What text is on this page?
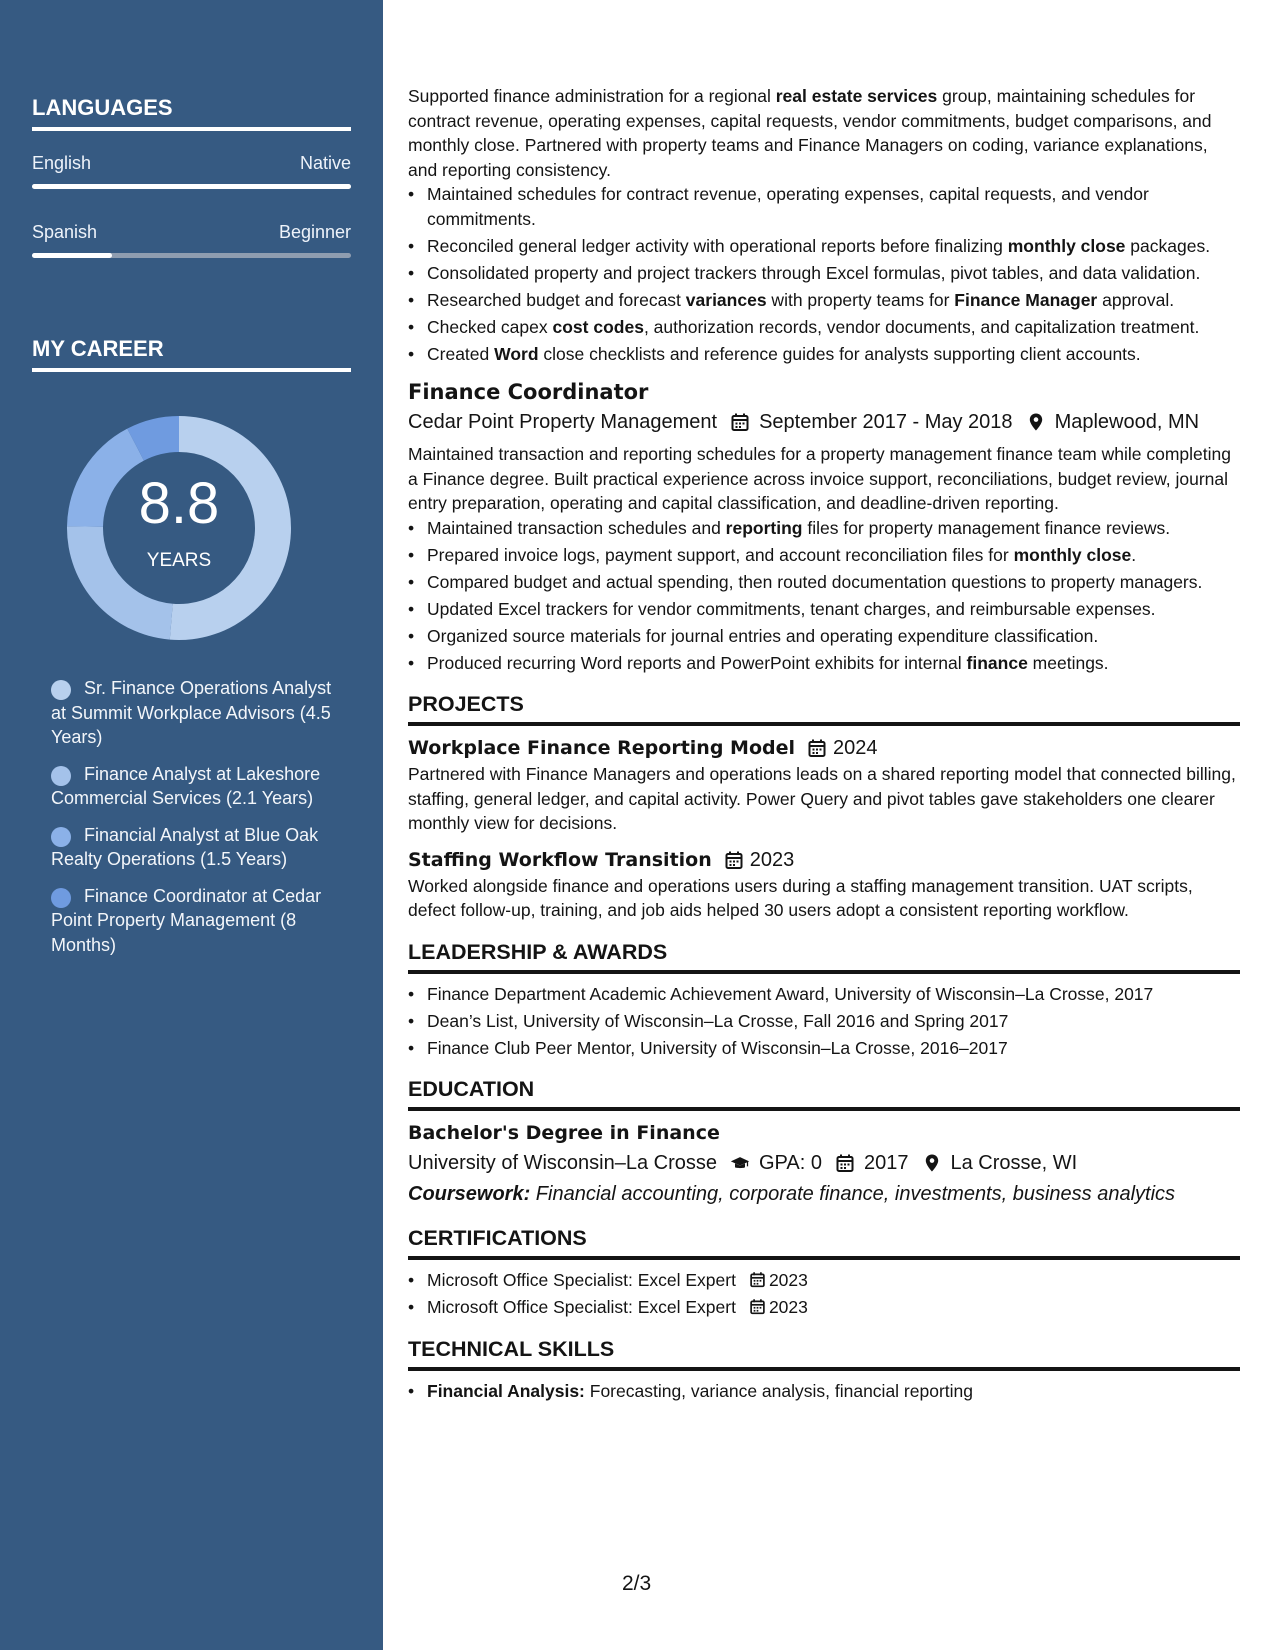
LANGUAGES
English	Native
Spanish	Beginner
MY CAREER
8.8
YEARS
Sr. Finance Operations Analyst at Summit Workplace Advisors (4.5 Years)
Finance Analyst at Lakeshore Commercial Services (2.1 Years)
Financial Analyst at Blue Oak Realty Operations (1.5 Years)
Finance Coordinator at Cedar Point Property Management (8 Months)

Supported finance administration for a regional real estate services group, maintaining schedules for contract revenue, operating expenses, capital requests, vendor commitments, budget comparisons, and monthly close. Partnered with property teams and Finance Managers on coding, variance explanations, and reporting consistency.

• Maintained schedules for contract revenue, operating expenses, capital requests, and vendor commitments.
• Reconciled general ledger activity with operational reports before finalizing monthly close packages.
• Consolidated property and project trackers through Excel formulas, pivot tables, and data validation.
• Researched budget and forecast variances with property teams for Finance Manager approval.
• Checked capex cost codes, authorization records, vendor documents, and capitalization treatment.
• Created Word close checklists and reference guides for analysts supporting client accounts.
Finance Coordinator
Cedar Point Property Management September 2017 - May 2018 Maplewood, MN

Maintained transaction and reporting schedules for a property management finance team while completing a Finance degree. Built practical experience across invoice support, reconciliations, budget review, journal entry preparation, operating and capital classification, and deadline-driven reporting.

• Maintained transaction schedules and reporting files for property management finance reviews.
• Prepared invoice logs, payment support, and account reconciliation files for monthly close.
• Compared budget and actual spending, then routed documentation questions to property managers.
• Updated Excel trackers for vendor commitments, tenant charges, and reimbursable expenses.
• Organized source materials for journal entries and operating expenditure classification.
• Produced recurring Word reports and PowerPoint exhibits for internal finance meetings.
PROJECTS
Workplace Finance Reporting Model 2024

Partnered with Finance Managers and operations leads on a shared reporting model that connected billing, staffing, general ledger, and capital activity. Power Query and pivot tables gave stakeholders one clearer monthly view for decisions.

Staffing Workflow Transition 2023

Worked alongside finance and operations users during a staffing management transition. UAT scripts, defect follow-up, training, and job aids helped 30 users adopt a consistent reporting workflow.

LEADERSHIP & AWARDS
• Finance Department Academic Achievement Award, University of Wisconsin–La Crosse, 2017
• Dean’s List, University of Wisconsin–La Crosse, Fall 2016 and Spring 2017
• Finance Club Peer Mentor, University of Wisconsin–La Crosse, 2016–2017
EDUCATION
Bachelor's Degree in Finance
University of Wisconsin–La Crosse GPA: 0 2017 La Crosse, WI
Coursework: Financial accounting, corporate finance, investments, business analytics
CERTIFICATIONS
• Microsoft Office Specialist: Excel Expert 2023
• Microsoft Office Specialist: Excel Expert 2023
TECHNICAL SKILLS
• Financial Analysis: Forecasting, variance analysis, financial reporting
2/3
